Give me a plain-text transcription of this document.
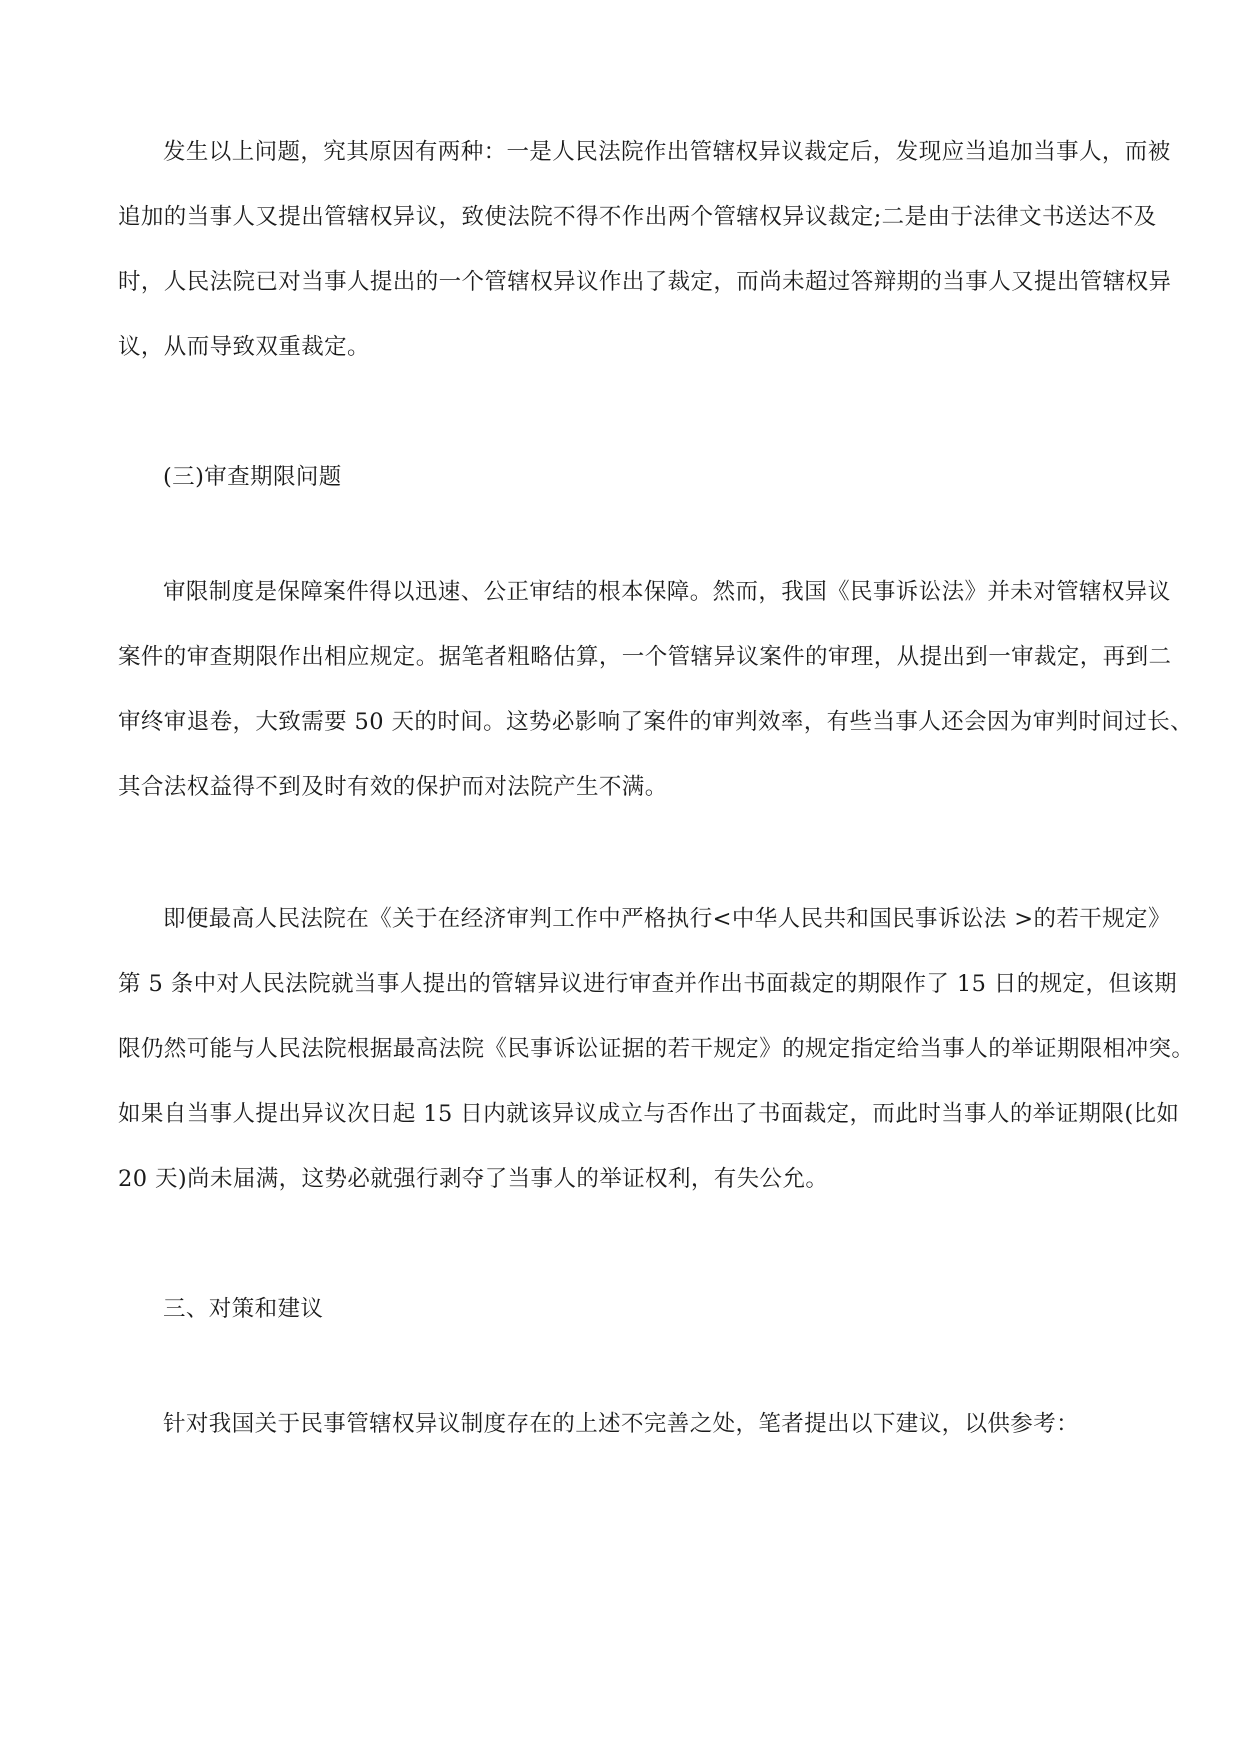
发生以上问题，究其原因有两种：一是人民法院作出管辖权异议裁定后，发现应当追加当事人，而被
追加的当事人又提出管辖权异议，致使法院不得不作出两个管辖权异议裁定;二是由于法律文书送达不及
时，人民法院已对当事人提出的一个管辖权异议作出了裁定，而尚未超过答辩期的当事人又提出管辖权异
议，从而导致双重裁定。
(三)审查期限问题
审限制度是保障案件得以迅速、公正审结的根本保障。然而，我国《民事诉讼法》并未对管辖权异议
案件的审查期限作出相应规定。据笔者粗略估算，一个管辖异议案件的审理，从提出到一审裁定，再到二
审终审退卷，大致需要 50 天的时间。这势必影响了案件的审判效率，有些当事人还会因为审判时间过长、
其合法权益得不到及时有效的保护而对法院产生不满。
即便最高人民法院在《关于在经济审判工作中严格执行<中华人民共和国民事诉讼法 >的若干规定》
第 5 条中对人民法院就当事人提出的管辖异议进行审查并作出书面裁定的期限作了 15 日的规定，但该期
限仍然可能与人民法院根据最高法院《民事诉讼证据的若干规定》的规定指定给当事人的举证期限相冲突。
如果自当事人提出异议次日起 15 日内就该异议成立与否作出了书面裁定，而此时当事人的举证期限(比如
20 天)尚未届满，这势必就强行剥夺了当事人的举证权利，有失公允。
三、对策和建议
针对我国关于民事管辖权异议制度存在的上述不完善之处，笔者提出以下建议，以供参考：
